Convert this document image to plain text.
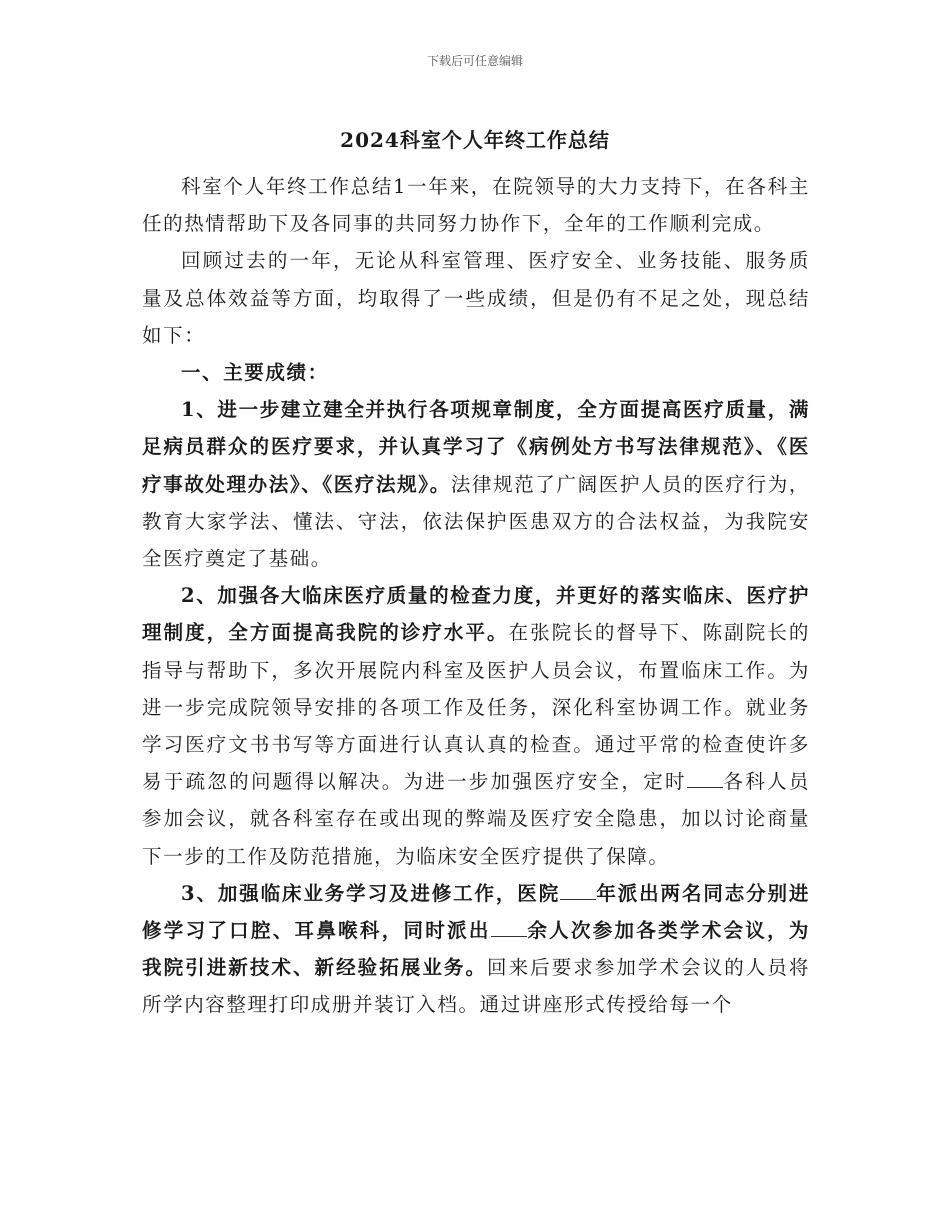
下载后可任意编辑
2024科室个人年终工作总结

科室个人年终工作总结1一年来，在院领导的大力支持下，在各科主任的热情帮助下及各同事的共同努力协作下，全年的工作顺利完成。

回顾过去的一年，无论从科室管理、医疗安全、业务技能、服务质量及总体效益等方面，均取得了一些成绩，但是仍有不足之处，现总结如下：

一、主要成绩：

1、进一步建立建全并执行各项规章制度，全方面提高医疗质量，满足病员群众的医疗要求，并认真学习了《病例处方书写法律规范》、《医疗事故处理办法》、《医疗法规》。法律规范了广阔医护人员的医疗行为，教育大家学法、懂法、守法，依法保护医患双方的合法权益，为我院安全医疗奠定了基础。

2、加强各大临床医疗质量的检查力度，并更好的落实临床、医疗护理制度，全方面提高我院的诊疗水平。在张院长的督导下、陈副院长的指导与帮助下，多次开展院内科室及医护人员会议，布置临床工作。为进一步完成院领导安排的各项工作及任务，深化科室协调工作。就业务学习医疗文书书写等方面进行认真认真的检查。通过平常的检查使许多易于疏忽的问题得以解决。为进一步加强医疗安全，定时 各科人员参加会议，就各科室存在或出现的弊端及医疗安全隐患，加以讨论商量下一步的工作及防范措施，为临床安全医疗提供了保障。

3、加强临床业务学习及进修工作，医院 年派出两名同志分别进修学习了口腔、耳鼻喉科，同时派出 余人次参加各类学术会议，为我院引进新技术、新经验拓展业务。回来后要求参加学术会议的人员将所学内容整理打印成册并装订入档。通过讲座形式传授给每一个
